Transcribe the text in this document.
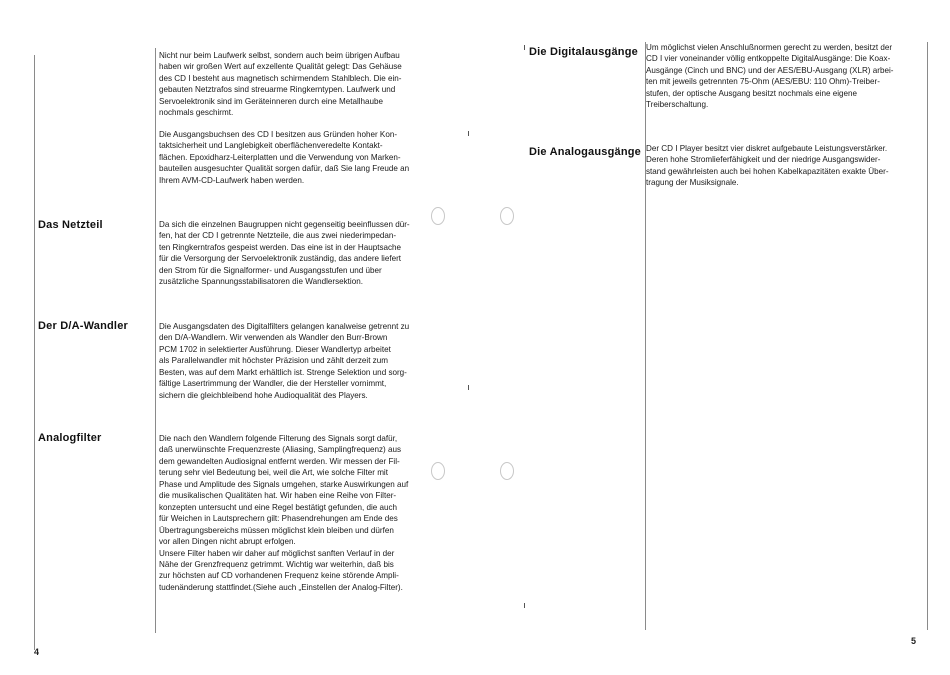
Nicht nur beim Laufwerk selbst, sondern auch beim übrigen Aufbau
haben wir großen Wert auf exzellente Qualität gelegt: Das Gehäuse
des CD I besteht aus magnetisch schirmendem Stahlblech. Die ein-
gebauten Netztrafos sind streuarme Ringkerntypen. Laufwerk und
Servoelektronik sind im Geräteinneren durch eine Metallhaube
nochmals geschirmt.
Die Ausgangsbuchsen des CD I besitzen aus Gründen hoher Kon-
taktsicherheit und Langlebigkeit oberflächenveredelte Kontakt-
flächen. Epoxidharz-Leiterplatten und die Verwendung von Marken-
bauteilen ausgesuchter Qualität sorgen dafür, daß Sie lang Freude an
Ihrem AVM-CD-Laufwerk haben werden.
Das Netzteil	Da sich die einzelnen Baugruppen nicht gegenseitig beeinflussen dür-
fen, hat der CD I getrennte Netzteile, die aus zwei niederimpedan-
ten Ringkerntrafos gespeist werden. Das eine ist in der Hauptsache
für die Versorgung der Servoelektronik zuständig, das andere liefert
den Strom für die Signalformer- und Ausgangsstufen und über
zusätzliche Spannungsstabilisatoren die Wandlersektion.
Der D/A-Wandler	Die Ausgangsdaten des Digitalfilters gelangen kanalweise getrennt zu
den D/A-Wandlern. Wir verwenden als Wandler den Burr-Brown
PCM 1702 in selektierter Ausführung. Dieser Wandlertyp arbeitet
als Parallelwandler mit höchster Präzision und zählt derzeit zum
Besten, was auf dem Markt erhältlich ist. Strenge Selektion und sorg-
fältige Lasertrimmung der Wandler, die der Hersteller vornimmt,
sichern die gleichbleibend hohe Audioqualität des Players.
Analogfilter	Die nach den Wandlern folgende Filterung des Signals sorgt dafür,
daß unerwünschte Frequenzreste (Aliasing, Samplingfrequenz) aus
dem gewandelten Audiosignal entfernt werden. Wir messen der Fil-
terung sehr viel Bedeutung bei, weil die Art, wie solche Filter mit
Phase und Amplitude des Signals umgehen, starke Auswirkungen auf
die musikalischen Qualitäten hat. Wir haben eine Reihe von Filter-
konzepten untersucht und eine Regel bestätigt gefunden, die auch
für Weichen in Lautsprechern gilt: Phasendrehungen am Ende des
Übertragungsbereichs müssen möglichst klein bleiben und dürfen
vor allen Dingen nicht abrupt erfolgen.
Unsere Filter haben wir daher auf möglichst sanften Verlauf in der
Nähe der Grenzfrequenz getrimmt. Wichtig war weiterhin, daß bis
zur höchsten auf CD vorhandenen Frequenz keine störende Ampli-
tudenänderung stattfindet.(Siehe auch „Einstellen der Analog-Filter).
4
Die Digitalausgänge Um möglichst vielen Anschlußnormen gerecht zu werden, besitzt der
CD I vier voneinander völlig entkoppelte DigitalAusgänge: Die Koax-
Ausgänge (Cinch und BNC) und der AES/EBU-Ausgang (XLR) arbei-
ten mit jeweils getrennten 75-Ohm (AES/EBU: 110 Ohm)-Treiber-
stufen, der optische Ausgang besitzt nochmals eine eigene
Treiberschaltung.
Die Analogausgänge Der CD I Player besitzt vier diskret aufgebaute Leistungsverstärker.
Deren hohe Stromlieferfähigkeit und der niedrige Ausgangswider-
stand gewährleisten auch bei hohen Kabelkapazitäten exakte Über-
tragung der Musiksignale.
5
